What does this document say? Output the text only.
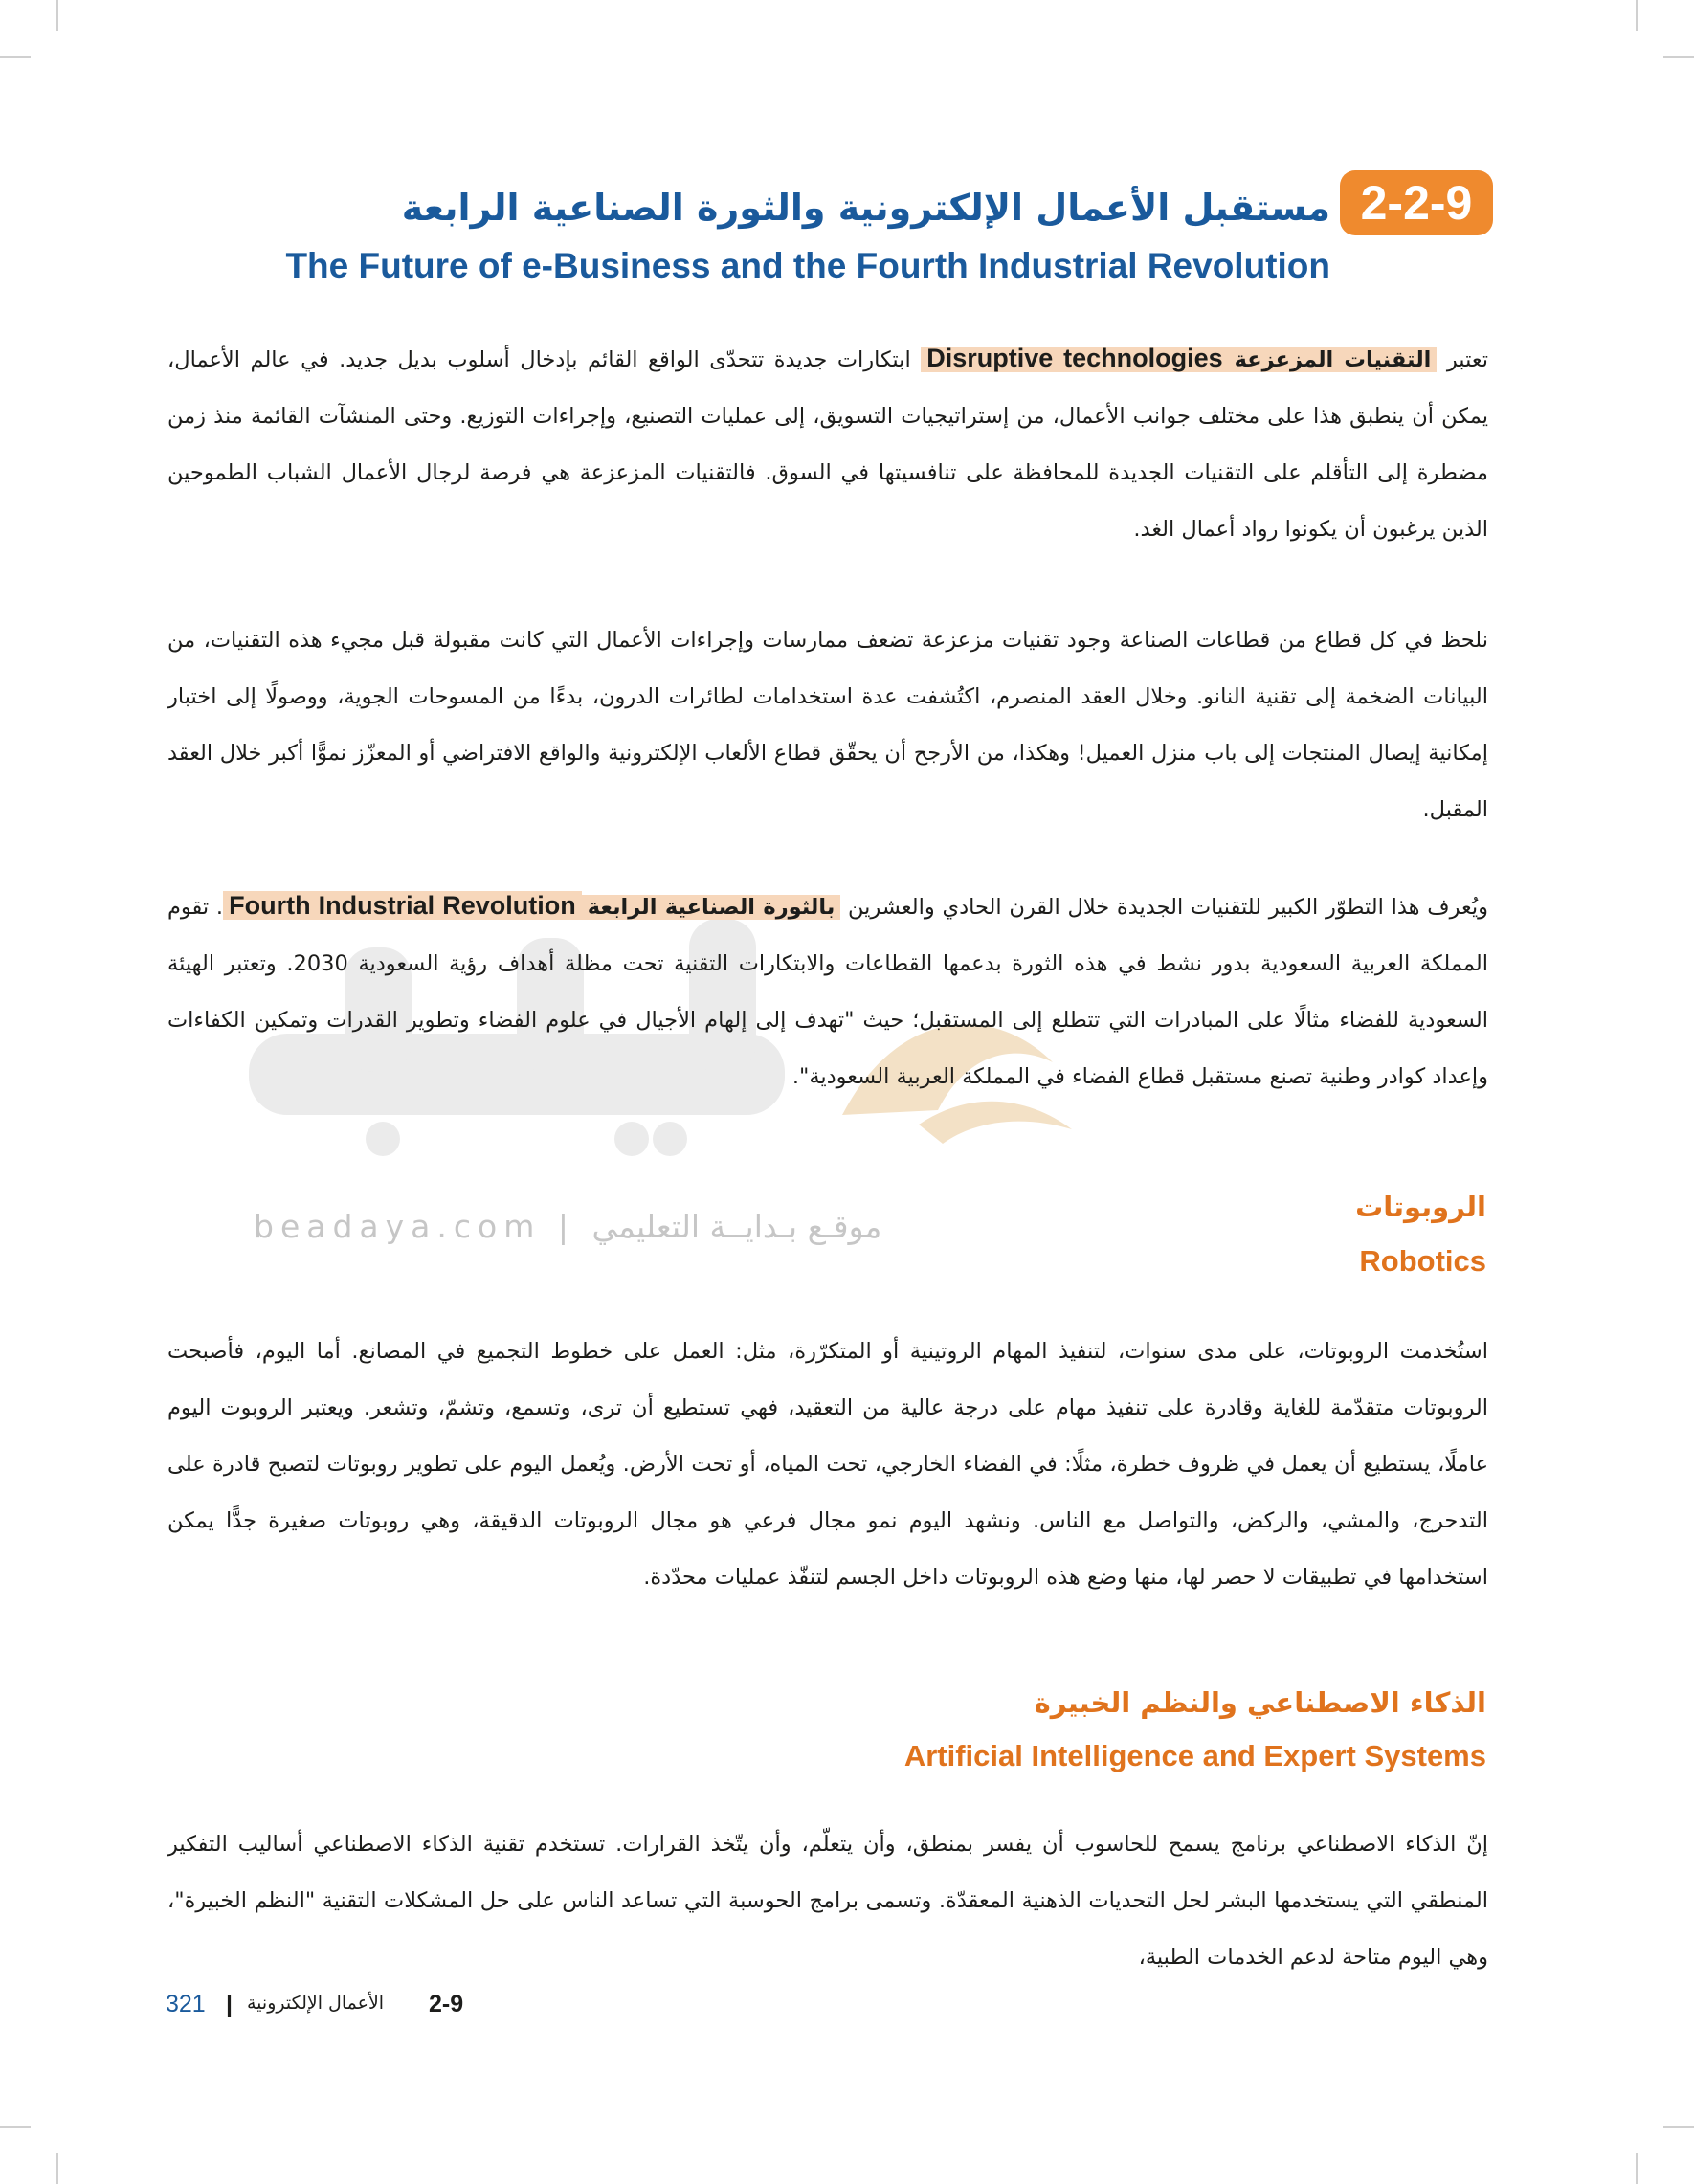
2-2-9
مستقبل الأعمال الإلكترونية والثورة الصناعية الرابعة
The Future of e-Business and the Fourth Industrial Revolution
beadaya.com | موقـع بـدايــة التعليمي

تعتبر التقنيات المزعزعةDisruptive technologies ابتكارات جديدة تتحدّى الواقع القائم بإدخال أسلوب بديل جديد. في عالم الأعمال، يمكن أن ينطبق هذا على مختلف جوانب الأعمال، من إستراتيجيات التسويق، إلى عمليات التصنيع، وإجراءات التوزيع. وحتى المنشآت القائمة منذ زمن مضطرة إلى التأقلم على التقنيات الجديدة للمحافظة على تنافسيتها في السوق. فالتقنيات المزعزعة هي فرصة لرجال الأعمال الشباب الطموحين الذين يرغبون أن يكونوا رواد أعمال الغد.

نلحظ في كل قطاع من قطاعات الصناعة وجود تقنيات مزعزعة تضعف ممارسات وإجراءات الأعمال التي كانت مقبولة قبل مجيء هذه التقنيات، من البيانات الضخمة إلى تقنية النانو. وخلال العقد المنصرم، اكتُشفت عدة استخدامات لطائرات الدرون، بدءًا من المسوحات الجوية، ووصولًا إلى اختبار إمكانية إيصال المنتجات إلى باب منزل العميل! وهكذا، من الأرجح أن يحقّق قطاع الألعاب الإلكترونية والواقع الافتراضي أو المعزّز نموًّا أكبر خلال العقد المقبل.

ويُعرف هذا التطوّر الكبير للتقنيات الجديدة خلال القرن الحادي والعشرين بالثورة الصناعية الرابعةFourth Industrial Revolution. تقوم المملكة العربية السعودية بدور نشط في هذه الثورة بدعمها القطاعات والابتكارات التقنية تحت مظلة أهداف رؤية السعودية 2030. وتعتبر الهيئة السعودية للفضاء مثالًا على المبادرات التي تتطلع إلى المستقبل؛ حيث "تهدف إلى إلهام الأجيال في علوم الفضاء وتطوير القدرات وتمكين الكفاءات وإعداد كوادر وطنية تصنع مستقبل قطاع الفضاء في المملكة العربية السعودية".

الروبوتات
Robotics

استُخدمت الروبوتات، على مدى سنوات، لتنفيذ المهام الروتينية أو المتكرّرة، مثل: العمل على خطوط التجميع في المصانع. أما اليوم، فأصبحت الروبوتات متقدّمة للغاية وقادرة على تنفيذ مهام على درجة عالية من التعقيد، فهي تستطيع أن ترى، وتسمع، وتشمّ، وتشعر. ويعتبر الروبوت اليوم عاملًا، يستطيع أن يعمل في ظروف خطرة، مثلًا: في الفضاء الخارجي، تحت المياه، أو تحت الأرض. ويُعمل اليوم على تطوير روبوتات لتصبح قادرة على التدحرج، والمشي، والركض، والتواصل مع الناس. ونشهد اليوم نمو مجال فرعي هو مجال الروبوتات الدقيقة، وهي روبوتات صغيرة جدًّا يمكن استخدامها في تطبيقات لا حصر لها، منها وضع هذه الروبوتات داخل الجسم لتنفّذ عمليات محدّدة.

الذكاء الاصطناعي والنظم الخبيرة
Artificial Intelligence and Expert Systems

إنّ الذكاء الاصطناعي برنامج يسمح للحاسوب أن يفسر بمنطق، وأن يتعلّم، وأن يتّخذ القرارات. تستخدم تقنية الذكاء الاصطناعي أساليب التفكير المنطقي التي يستخدمها البشر لحل التحديات الذهنية المعقدّة. وتسمى برامج الحوسبة التي تساعد الناس على حل المشكلات التقنية "النظم الخبيرة"، وهي اليوم متاحة لدعم الخدمات الطبية،

321 | الأعمال الإلكترونية 2-9
